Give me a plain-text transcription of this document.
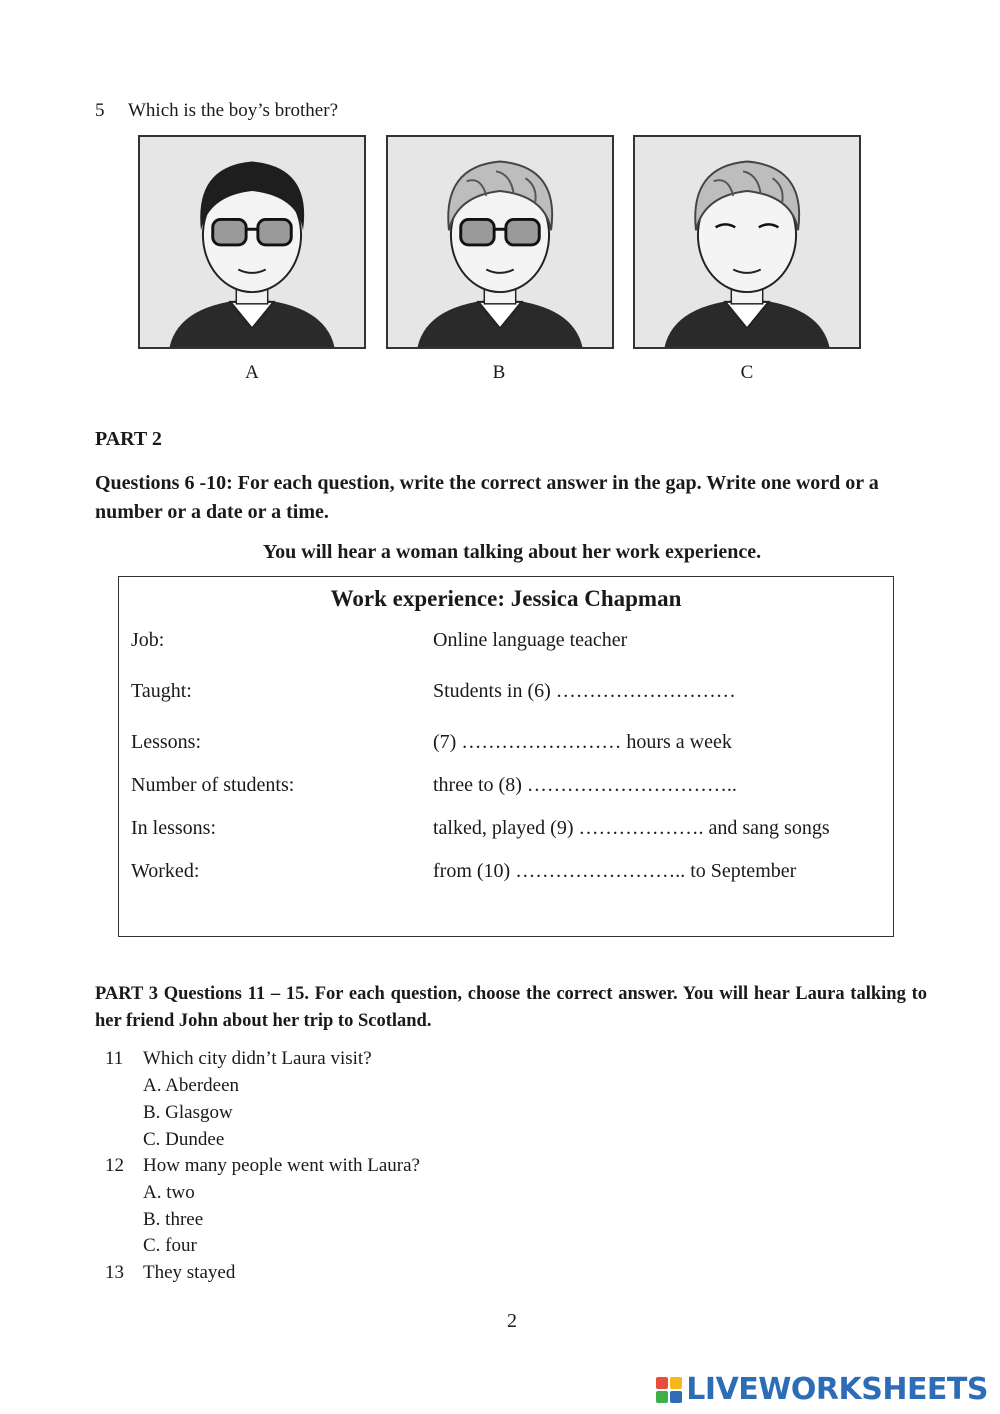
5 Which is the boy’s brother?
A	B	C
PART 2
Questions 6 -10: For each question, write the correct answer in the gap. Write one word or a number or a date or a time.
You will hear a woman talking about her work experience.
Work experience: Jessica Chapman
Job:	Online language teacher
Taught:	Students in (6) ………………………
Lessons:	(7) …………………… hours a week
Number of students:	three to (8) …………………………..
In lessons:	talked, played (9) ………………. and sang songs
Worked:	from (10) …………………….. to September
PART 3 Questions 11 – 15. For each question, choose the correct answer. You will hear Laura talking to her friend John about her trip to Scotland.
11 Which city didn’t Laura visit?
A. Aberdeen
B. Glasgow
C. Dundee
12 How many people went with Laura?
A. two
B. three
C. four
13 They stayed
2
LIVEWORKSHEETS
